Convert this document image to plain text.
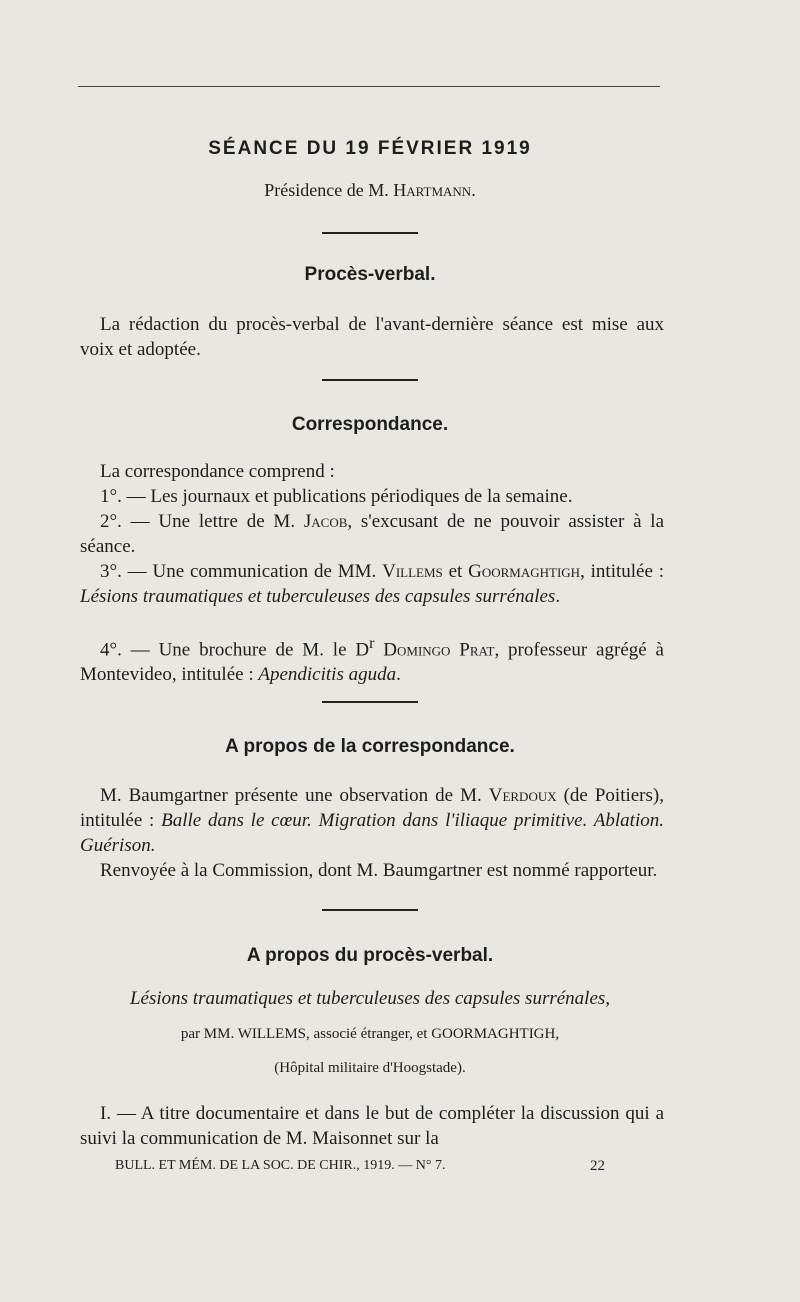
SÉANCE DU 19 FÉVRIER 1919
Présidence de M. Hartmann.
Procès-verbal.

La rédaction du procès-verbal de l'avant-dernière séance est mise aux voix et adoptée.

Correspondance.

La correspondance comprend :

1°. — Les journaux et publications périodiques de la semaine.

2°. — Une lettre de M. Jacob, s'excusant de ne pouvoir assister à la séance.

3°. — Une communication de MM. Villems et Goormaghtigh, intitulée : Lésions traumatiques et tuberculeuses des capsules surrénales.

4°. — Une brochure de M. le $D^r$ Domingo Prat, professeur agrégé à Montevideo, intitulée : Apendicitis aguda.

A propos de la correspondance.

M. Baumgartner présente une observation de M. Verdoux (de Poitiers), intitulée : Balle dans le cœur. Migration dans l'iliaque primitive. Ablation. Guérison.

Renvoyée à la Commission, dont M. Baumgartner est nommé rapporteur.

A propos du procès-verbal.
Lésions traumatiques et tuberculeuses des capsules surrénales,
par MM. WILLEMS, associé étranger, et GOORMAGHTIGH,
(Hôpital militaire d'Hoogstade).

I. — A titre documentaire et dans le but de compléter la discussion qui a suivi la communication de M. Maisonnet sur la

BULL. ET MÉM. DE LA SOC. DE CHIR., 1919. — N° 7.	22
